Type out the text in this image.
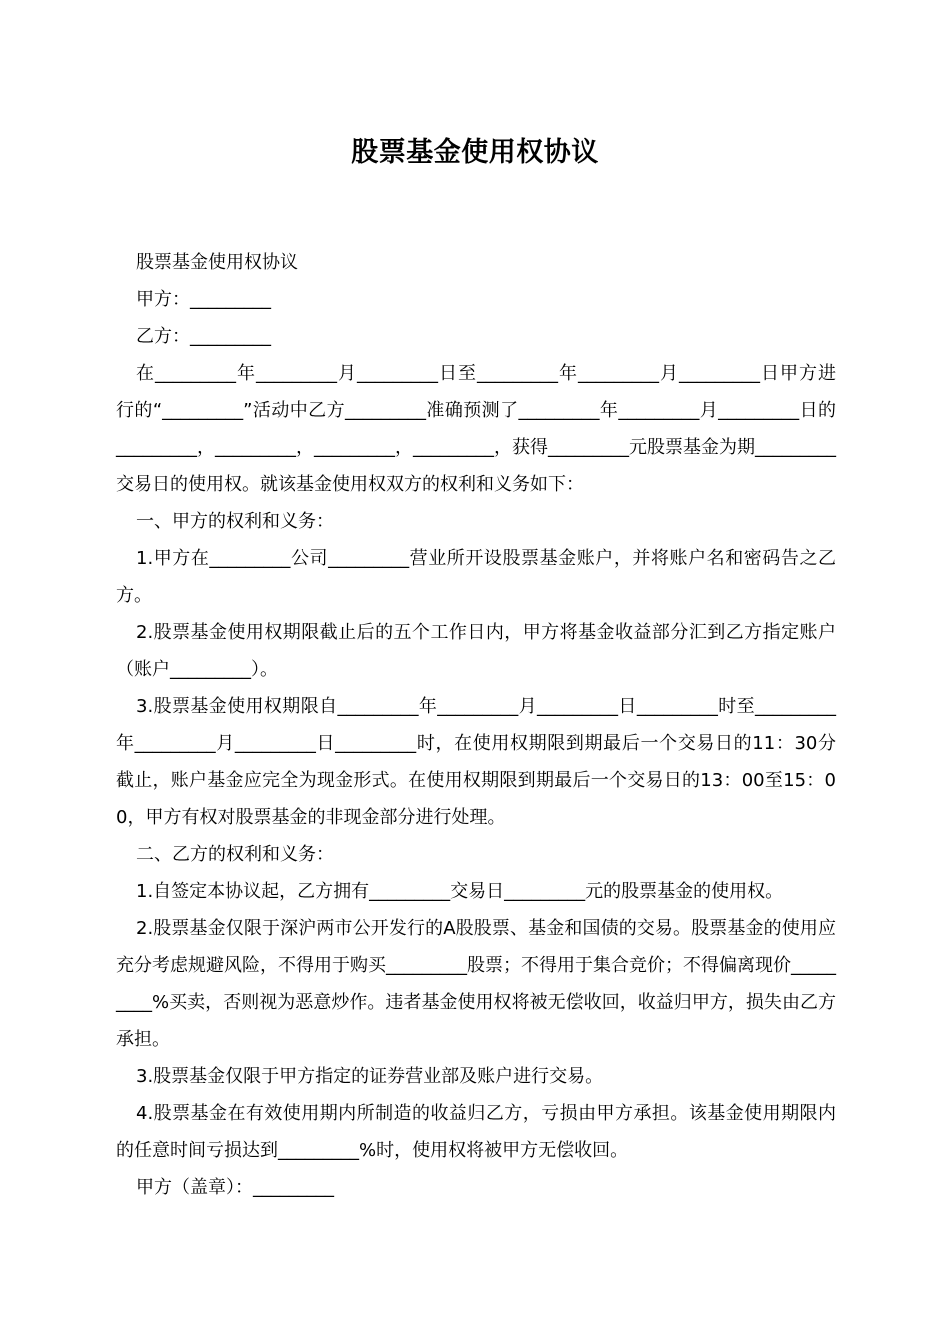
股票基金使用权协议

股票基金使用权协议

甲方：_________

乙方：_________

在_________年_________月_________日至_________年_________月_________日甲方进行的“_________”活动中乙方_________准确预测了_________年_________月_________日的_________，_________，_________，_________，获得_________元股票基金为期_________交易日的使用权。就该基金使用权双方的权利和义务如下：

一、甲方的权利和义务：

1.甲方在_________公司_________营业所开设股票基金账户，并将账户名和密码告之乙方。

2.股票基金使用权期限截止后的五个工作日内，甲方将基金收益部分汇到乙方指定账户（账户_________）。

3.股票基金使用权期限自_________年_________月_________日_________时至_________年_________月_________日_________时，在使用权期限到期最后一个交易日的11：30分截止，账户基金应完全为现金形式。在使用权期限到期最后一个交易日的13：00至15：00，甲方有权对股票基金的非现金部分进行处理。

二、乙方的权利和义务：

1.自签定本协议起，乙方拥有_________交易日_________元的股票基金的使用权。

2.股票基金仅限于深沪两市公开发行的A股股票、基金和国债的交易。股票基金的使用应充分考虑规避风险，不得用于购买_________股票；不得用于集合竞价；不得偏离现价_________%买卖，否则视为恶意炒作。违者基金使用权将被无偿收回，收益归甲方，损失由乙方承担。

3.股票基金仅限于甲方指定的证券营业部及账户进行交易。

4.股票基金在有效使用期内所制造的收益归乙方，亏损由甲方承担。该基金使用期限内的任意时间亏损达到_________%时，使用权将被甲方无偿收回。

甲方（盖章）：_________
